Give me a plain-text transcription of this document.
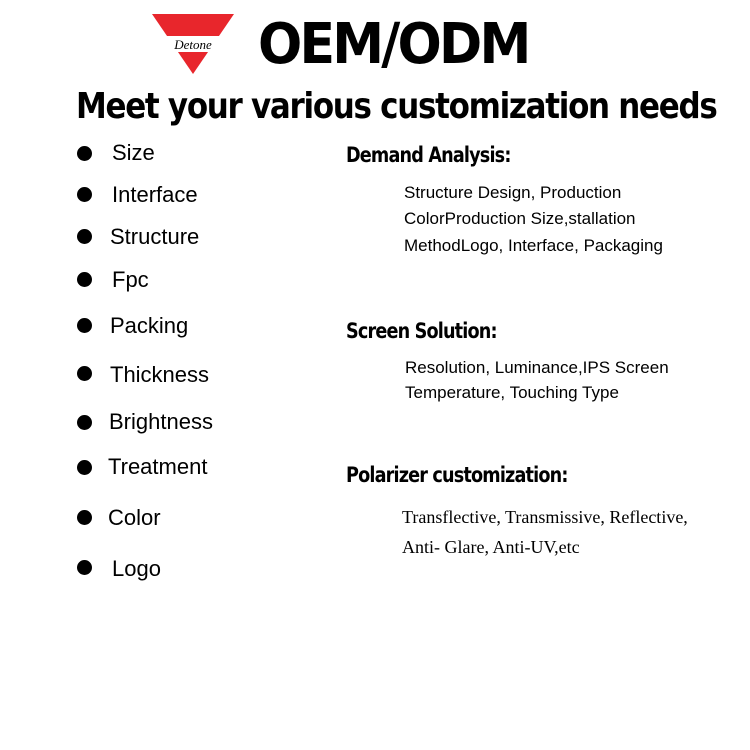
Detone OEM/ODM
Meet your various customization needs
Size
Interface
Structure
Fpc
Packing
Thickness
Brightness
Treatment
Color
Logo
Demand Analysis:
Structure Design, Production
ColorProduction Size,stallation
MethodLogo, Interface, Packaging
Screen Solution:
Resolution, Luminance,IPS Screen
Temperature, Touching Type
Polarizer customization:
Transflective, Transmissive, Reflective,
Anti- Glare, Anti-UV,etc
